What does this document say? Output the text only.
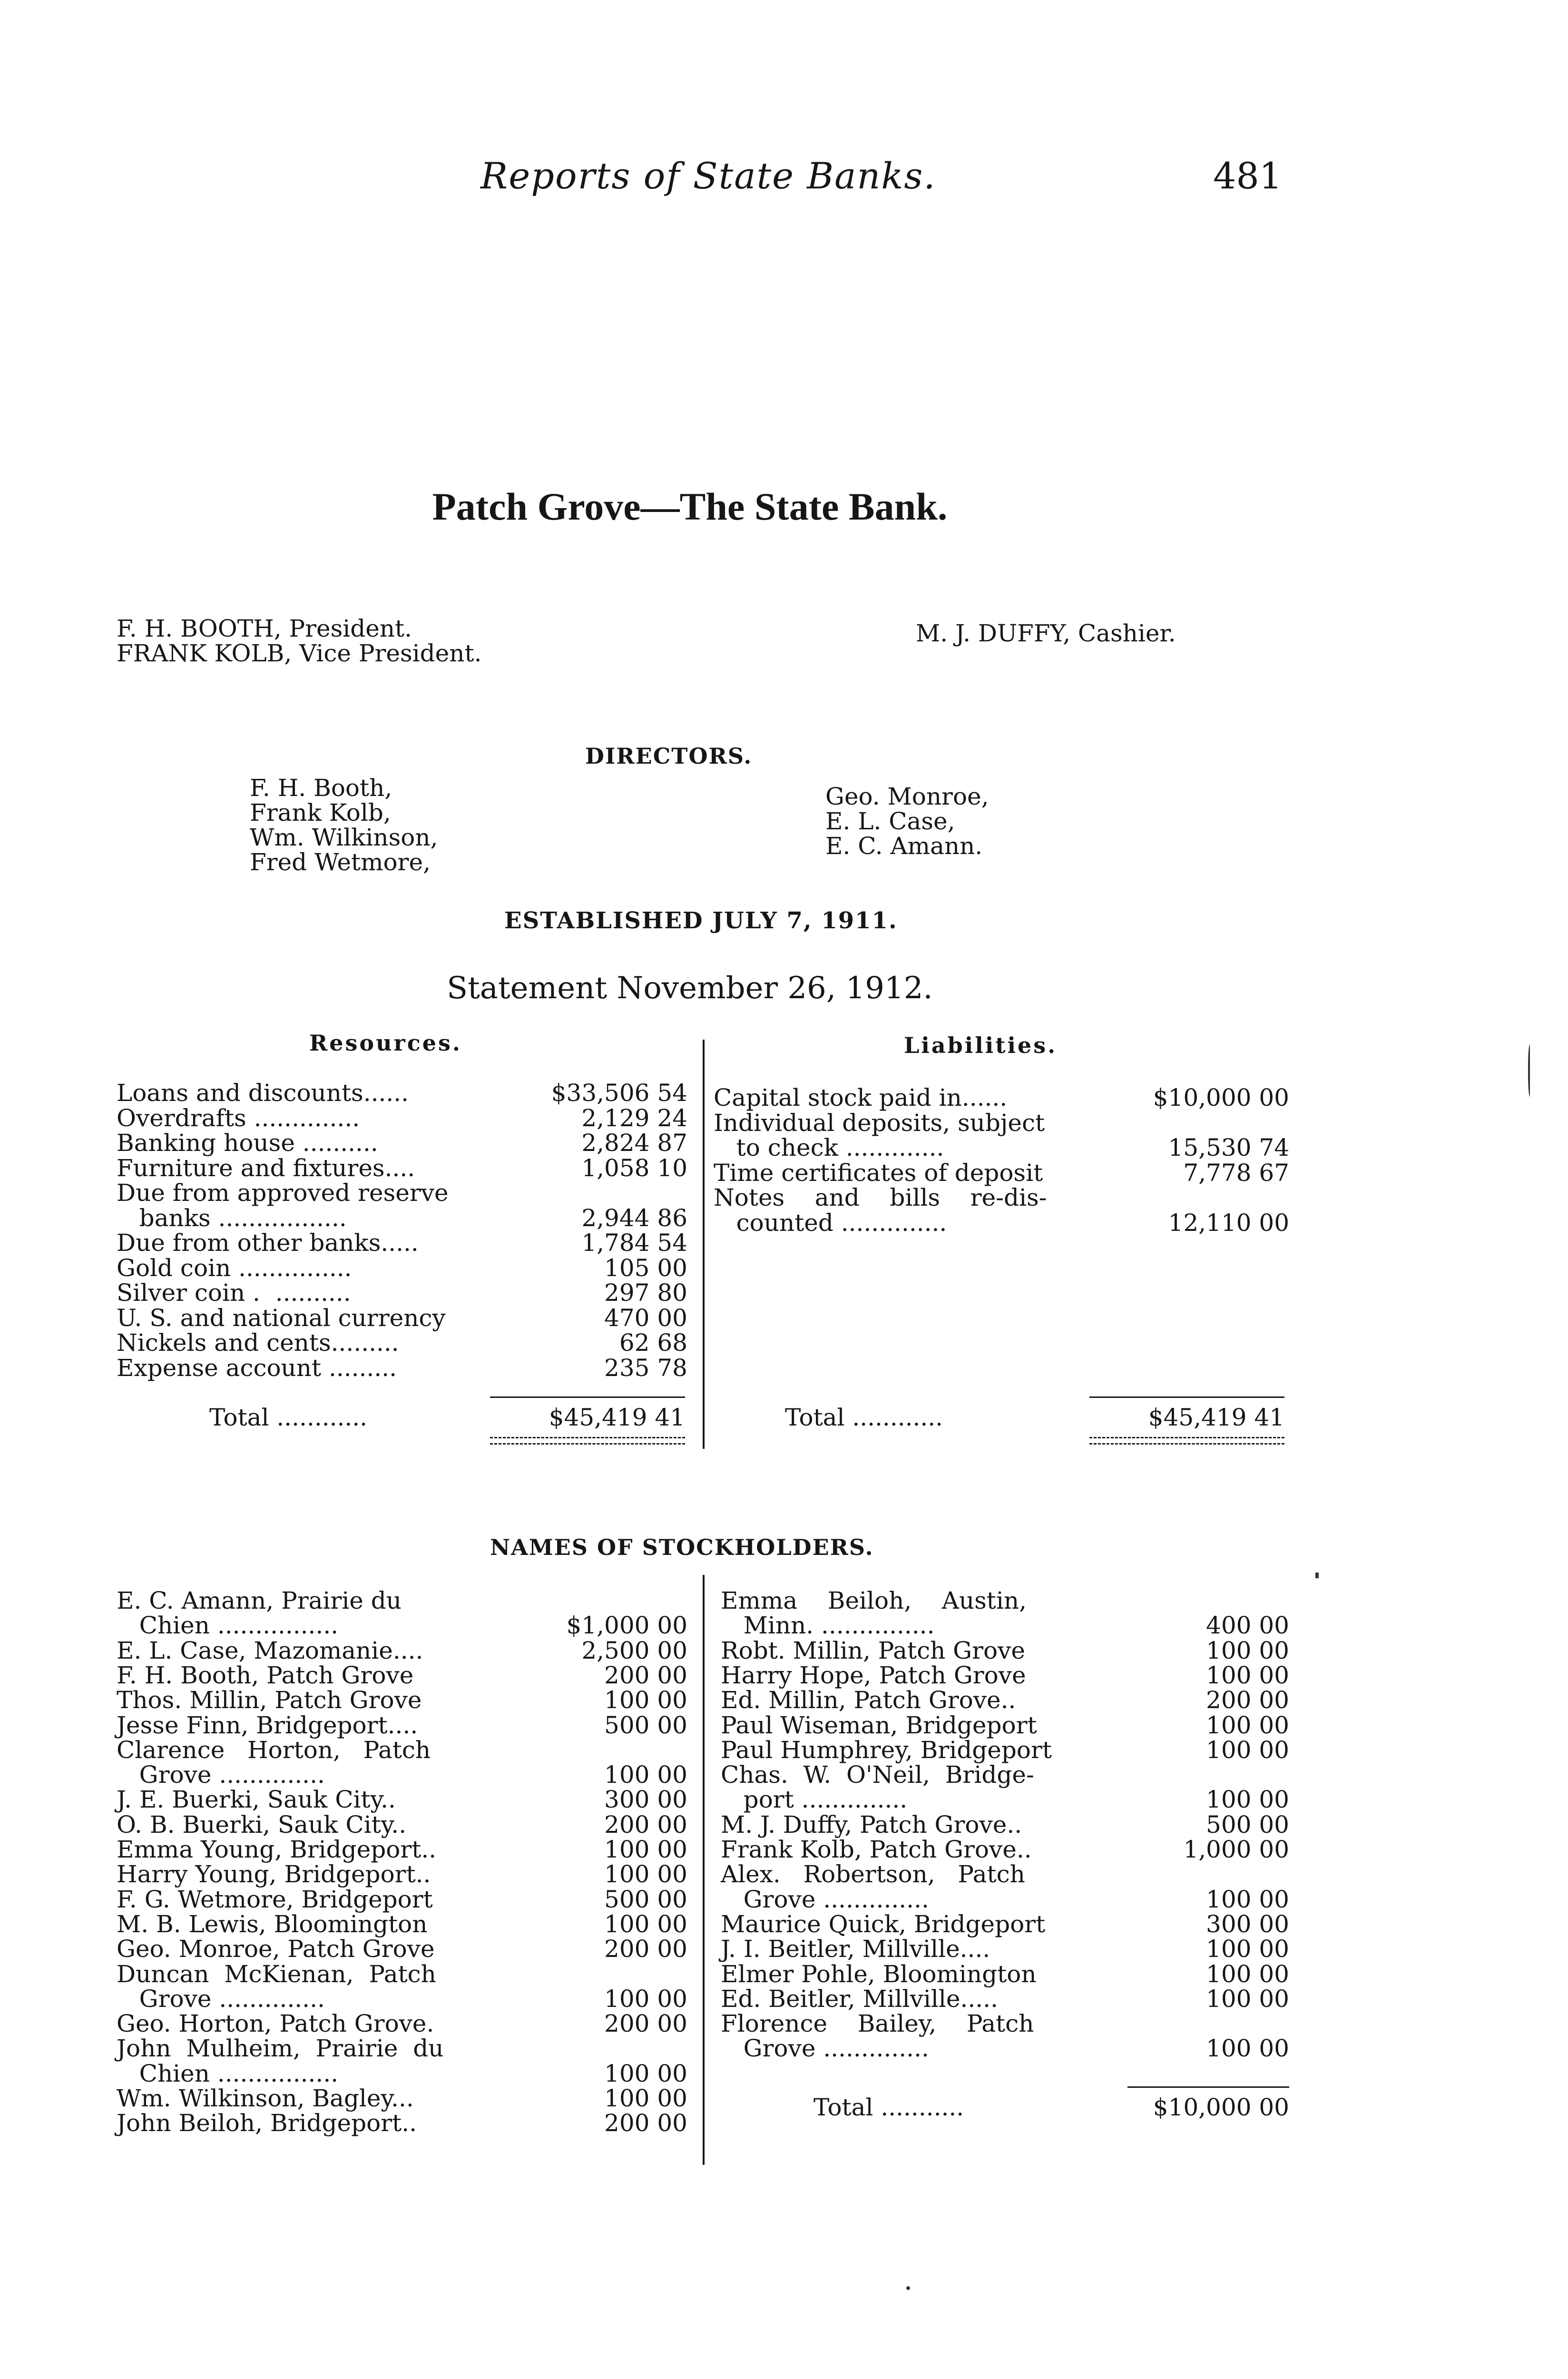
Reports of State Banks.	481
Patch Grove—The State Bank.
F. H. BOOTH, President.
FRANK KOLB, Vice President.
M. J. DUFFY, Cashier.
DIRECTORS.
F. H. Booth,
Frank Kolb,
Wm. Wilkinson,
Fred Wetmore,
Geo. Monroe,
E. L. Case,
E. C. Amann.
ESTABLISHED JULY 7, 1911.
Statement November 26, 1912.
Resources.	Liabilities.
Loans and discounts......	$33,506 54
Overdrafts ..............	2,129 24
Banking house ..........	2,824 87
Furniture and fixtures....	1,058 10
Due from approved reserve
banks .................	2,944 86
Due from other banks.....	1,784 54
Gold coin ...............	105 00
Silver coin .  ..........	297 80
U. S. and national currency	470 00
Nickels and cents.........	62 68
Expense account .........	235 78
Capital stock paid in......	$10,000 00
Individual deposits, subject
to check .............	15,530 74
Time certificates of deposit	7,778 67
Notes    and    bills    re-dis-
counted ..............	12,110 00
Total ............	$45,419 41	Total ............	$45,419 41
NAMES OF STOCKHOLDERS.
E. C. Amann, Prairie du
Chien ................	$1,000 00
E. L. Case, Mazomanie....	2,500 00
F. H. Booth, Patch Grove	200 00
Thos. Millin, Patch Grove	100 00
Jesse Finn, Bridgeport....	500 00
Clarence   Horton,   Patch
Grove ..............	100 00
J. E. Buerki, Sauk City..	300 00
O. B. Buerki, Sauk City..	200 00
Emma Young, Bridgeport..	100 00
Harry Young, Bridgeport..	100 00
F. G. Wetmore, Bridgeport	500 00
M. B. Lewis, Bloomington	100 00
Geo. Monroe, Patch Grove	200 00
Duncan  McKienan,  Patch
Grove ..............	100 00
Geo. Horton, Patch Grove.	200 00
John  Mulheim,  Prairie  du
Chien ................	100 00
Wm. Wilkinson, Bagley...	100 00
John Beiloh, Bridgeport..	200 00
Emma    Beiloh,    Austin,
Minn. ...............	400 00
Robt. Millin, Patch Grove	100 00
Harry Hope, Patch Grove	100 00
Ed. Millin, Patch Grove..	200 00
Paul Wiseman, Bridgeport	100 00
Paul Humphrey, Bridgeport	100 00
Chas.  W.  O'Neil,  Bridge-
port ..............	100 00
M. J. Duffy, Patch Grove..	500 00
Frank Kolb, Patch Grove..	1,000 00
Alex.   Robertson,   Patch
Grove ..............	100 00
Maurice Quick, Bridgeport	300 00
J. I. Beitler, Millville....	100 00
Elmer Pohle, Bloomington	100 00
Ed. Beitler, Millville.....	100 00
Florence    Bailey,    Patch
Grove ..............	100 00
Total ...........	$10,000 00
